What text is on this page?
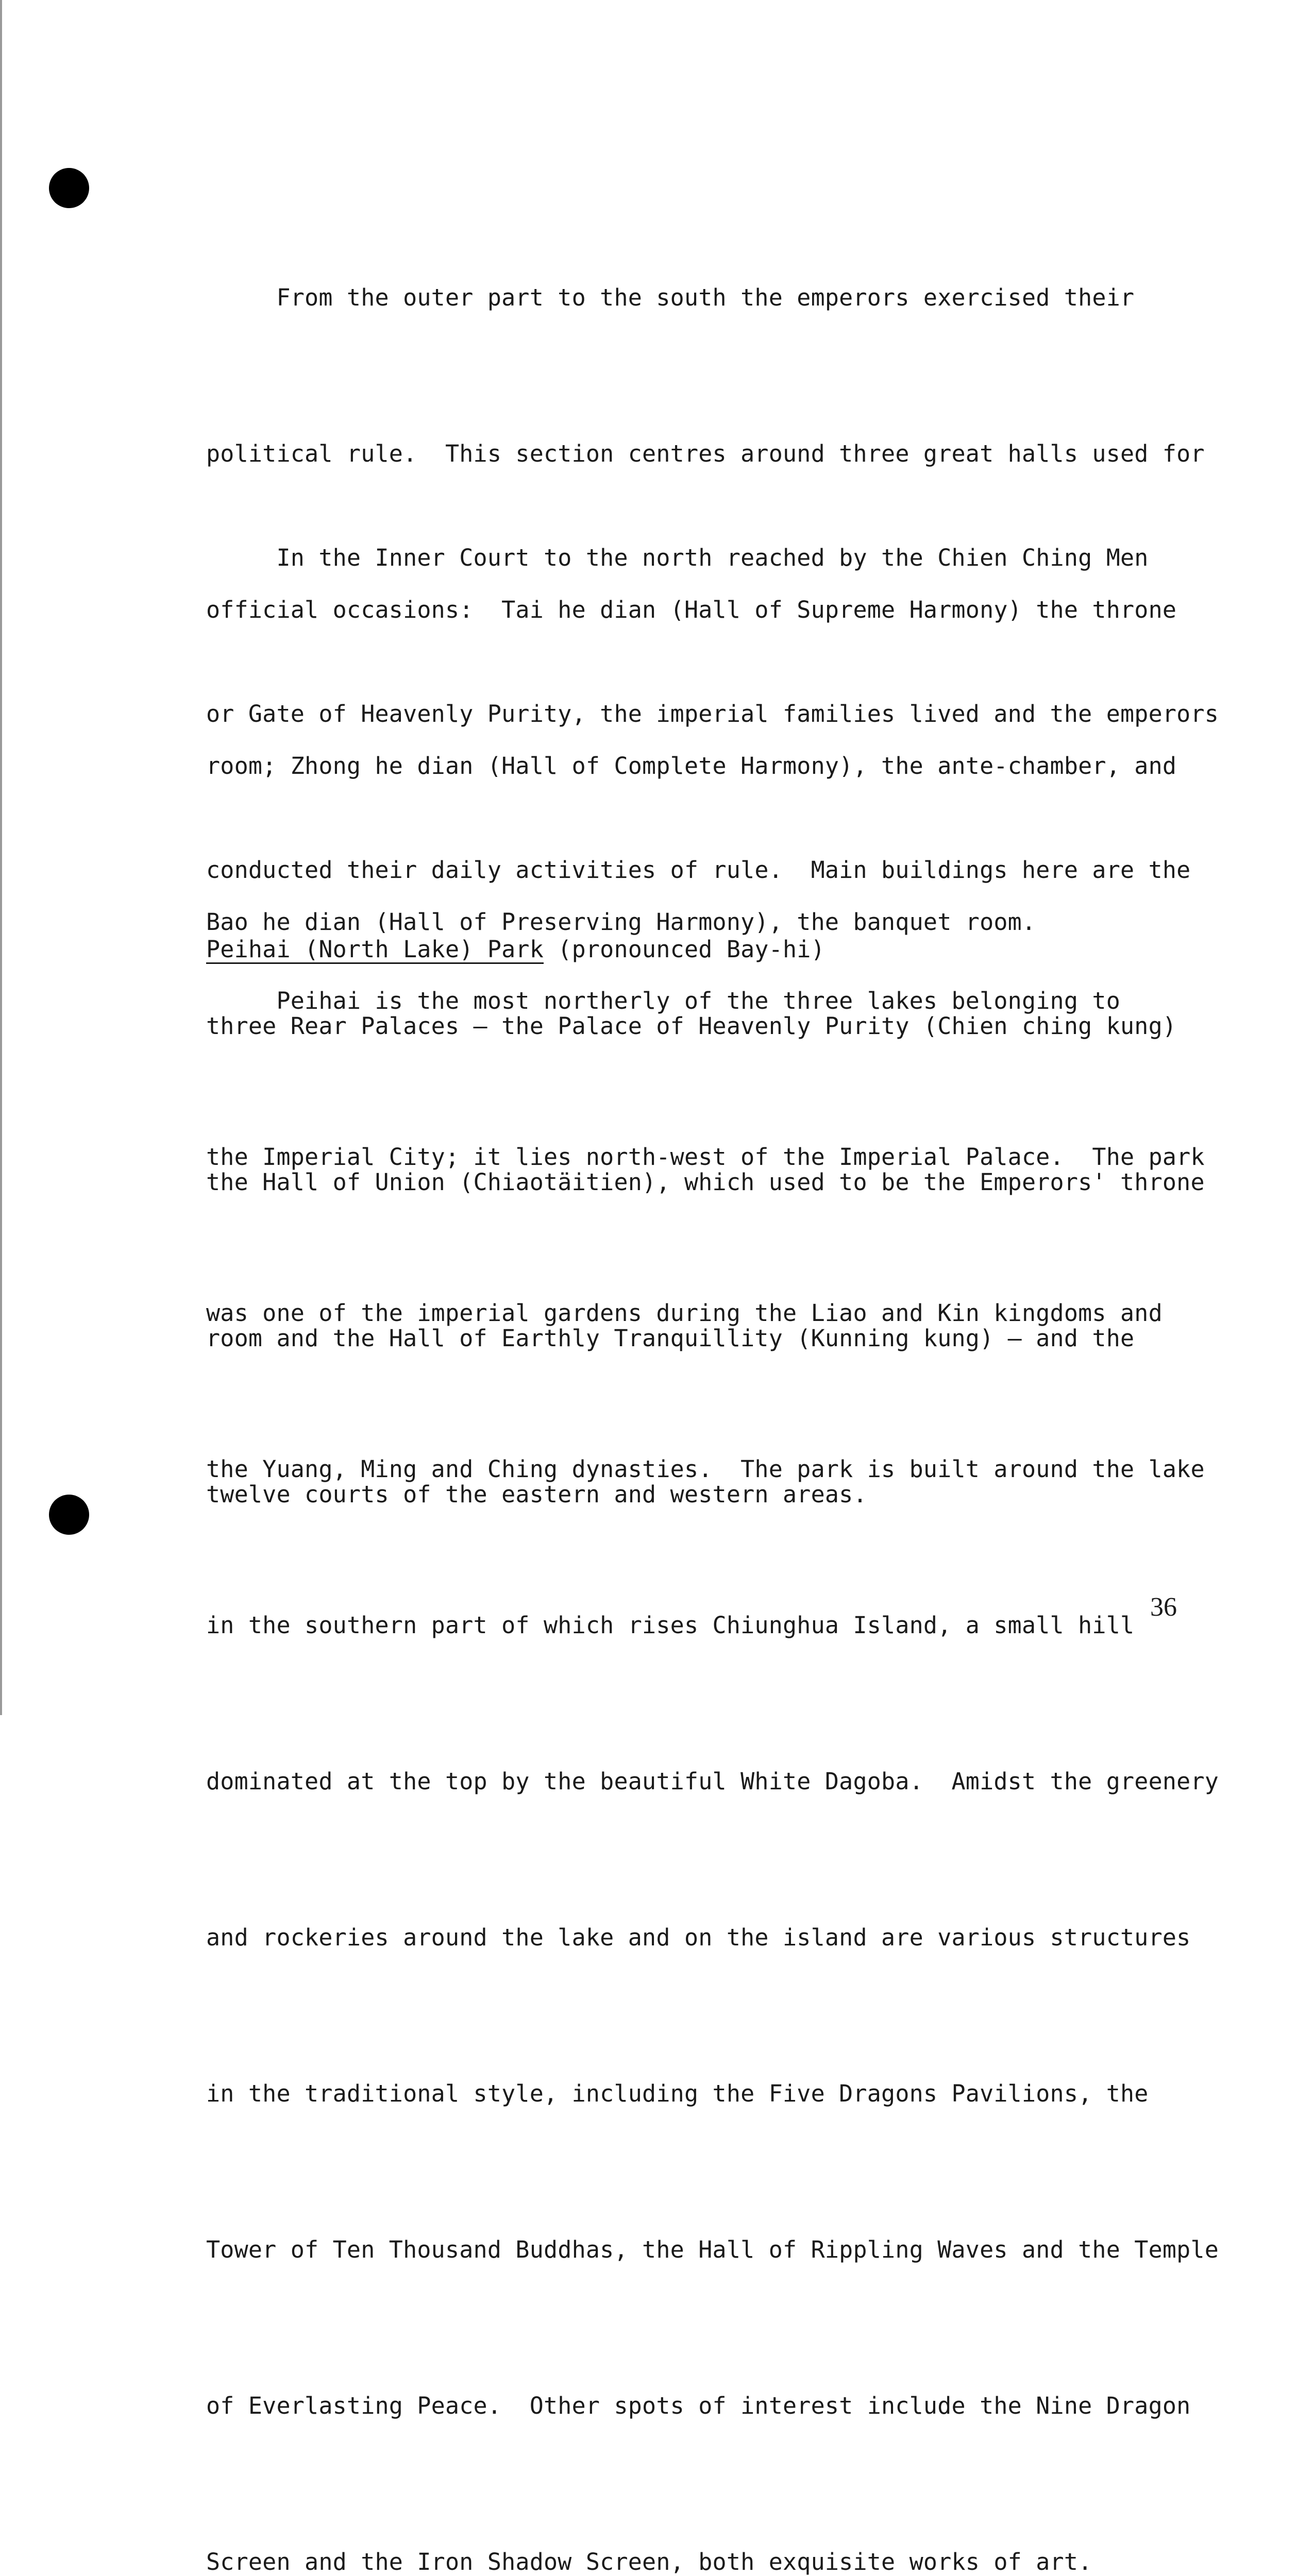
From the outer part to the south the emperors exercised their

political rule.  This section centres around three great halls used for

official occasions:  Tai he dian (Hall of Supreme Harmony) the throne

room; Zhong he dian (Hall of Complete Harmony), the ante-chamber, and

Bao he dian (Hall of Preserving Harmony), the banquet room.

In the Inner Court to the north reached by the Chien Ching Men

or Gate of Heavenly Purity, the imperial families lived and the emperors

conducted their daily activities of rule.  Main buildings here are the

three Rear Palaces — the Palace of Heavenly Purity (Chien ching kung)

the Hall of Union (Chiaotäitien), which used to be the Emperors' throne

room and the Hall of Earthly Tranquillity (Kunning kung) — and the

twelve courts of the eastern and western areas.

Peihai (North Lake) Park (pronounced Bay-hi)

Peihai is the most northerly of the three lakes belonging to

the Imperial City; it lies north-west of the Imperial Palace.  The park

was one of the imperial gardens during the Liao and Kin kingdoms and

the Yuang, Ming and Ching dynasties.  The park is built around the lake

in the southern part of which rises Chiunghua Island, a small hill

dominated at the top by the beautiful White Dagoba.  Amidst the greenery

and rockeries around the lake and on the island are various structures

in the traditional style, including the Five Dragons Pavilions, the

Tower of Ten Thousand Buddhas, the Hall of Rippling Waves and the Temple

of Everlasting Peace.  Other spots of interest include the Nine Dragon

Screen and the Iron Shadow Screen, both exquisite works of art.

36
